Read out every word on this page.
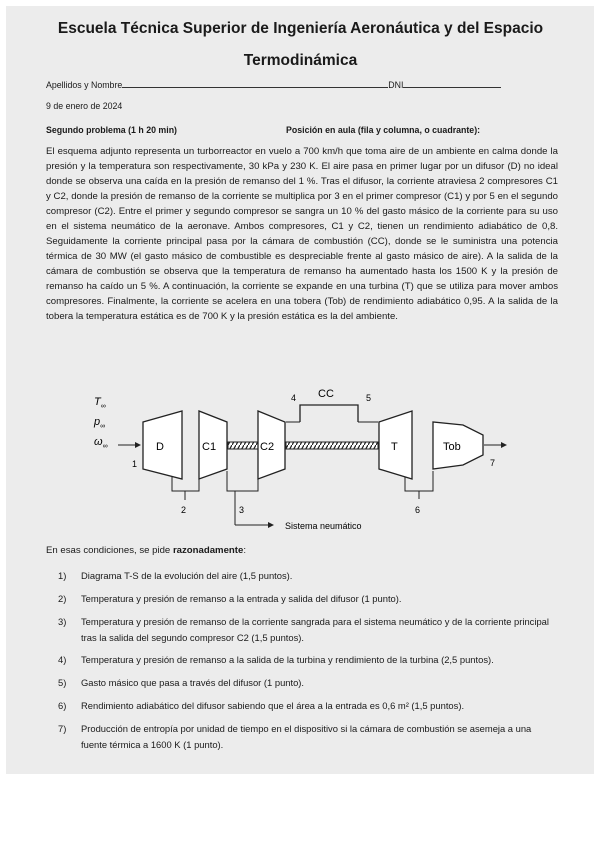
Escuela Técnica Superior de Ingeniería Aeronáutica y del Espacio
Termodinámica
Apellidos y Nombre	DNI
9 de enero de 2024
Segundo problema (1 h 20 min)	Posición en aula (fila y columna, o cuadrante):
El esquema adjunto representa un turborreactor en vuelo a 700 km/h que toma aire de un ambiente en calma donde la presión y la temperatura son respectivamente, 30 kPa y 230 K. El aire pasa en primer lugar por un difusor (D) no ideal donde se observa una caída en la presión de remanso del 1 %. Tras el difusor, la corriente atraviesa 2 compresores C1 y C2, donde la presión de remanso de la corriente se multiplica por 3 en el primer compresor (C1) y por 5 en el segundo compresor (C2). Entre el primer y segundo compresor se sangra un 10 % del gasto másico de la corriente para su uso en el sistema neumático de la aeronave. Ambos compresores, C1 y C2, tienen un rendimiento adiabático de 0,8. Seguidamente la corriente principal pasa por la cámara de combustión (CC), donde se le suministra una potencia térmica de 30 MW (el gasto másico de combustible es despreciable frente al gasto másico de aire). A la salida de la cámara de combustión se observa que la temperatura de remanso ha aumentado hasta los 1500 K y la presión de remanso ha caído un 5 %. A continuación, la corriente se expande en una turbina (T) que se utiliza para mover ambos compresores. Finalmente, la corriente se acelera en una tobera (Tob) de rendimiento adiabático 0,95. A la salida de la tobera la temperatura estática es de 700 K y la presión estática es la del ambiente.
$T_\infty$
$p_\infty$
$\omega_\infty$
1
D	C1	C2
CC
4	5
T	Tob
7
2	3
Sistema neumático
6
En esas condiciones, se pide razonadamente:
1)	Diagrama T-S de la evolución del aire (1,5 puntos).
2)	Temperatura y presión de remanso a la entrada y salida del difusor (1 punto).
3)	Temperatura y presión de remanso de la corriente sangrada para el sistema neumático y de la corriente principal tras la salida del segundo compresor C2 (1,5 puntos).
4)	Temperatura y presión de remanso a la salida de la turbina y rendimiento de la turbina (2,5 puntos).
5)	Gasto másico que pasa a través del difusor (1 punto).
6)	Rendimiento adiabático del difusor sabiendo que el área a la entrada es 0,6 m² (1,5 puntos).
7)	Producción de entropía por unidad de tiempo en el dispositivo si la cámara de combustión se asemeja a una fuente térmica a 1600 K (1 punto).
